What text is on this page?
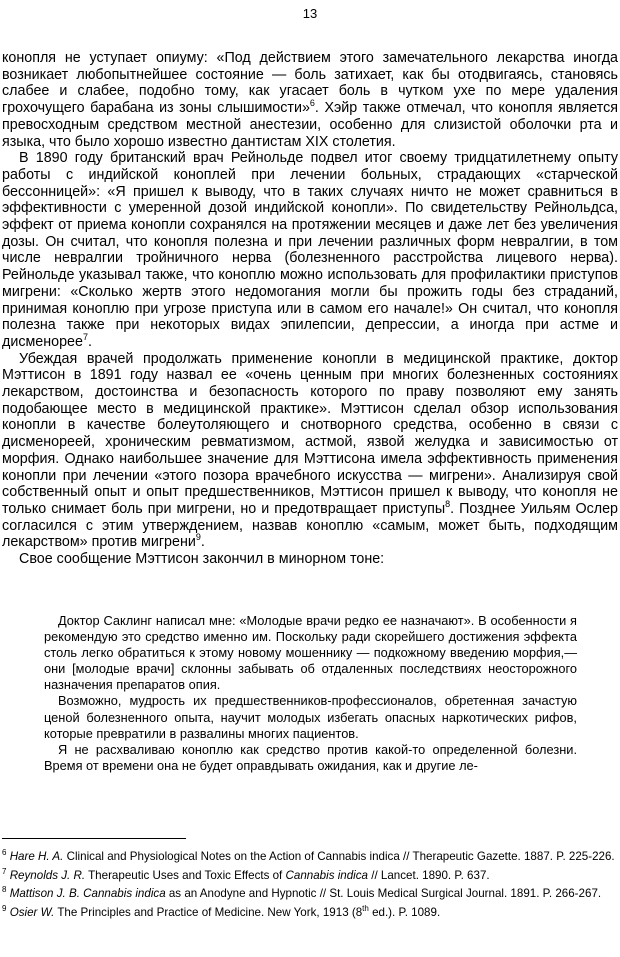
13

конопля не уступает опиуму: «Под действием этого замечательного лекарства иногда возникает любопытнейшее состояние — боль затихает, как бы отодвигаясь, становясь слабее и слабее, подобно тому, как угасает боль в чутком ухе по мере удаления грохочущего барабана из зоны слышимости»$^6$. Хэйр также отмечал, что конопля является превосходным средством местной анестезии, особенно для слизистой оболочки рта и языка, что было хорошо известно дантистам XIX столетия.

В 1890 году британский врач Рейнольде подвел итог своему тридцатилетнему опыту работы с индийской коноплей при лечении больных, страдающих «старческой бессонницей»: «Я пришел к выводу, что в таких случаях ничто не может сравниться в эффективности с умеренной дозой индийской конопли». По свидетельству Рейнольдса, эффект от приема конопли сохранялся на протяжении месяцев и даже лет без увеличения дозы. Он считал, что конопля полезна и при лечении различных форм невралгии, в том числе невралгии тройничного нерва (болезненного расстройства лицевого нерва). Рейнольде указывал также, что коноплю можно использовать для профилактики приступов мигрени: «Сколько жертв этого недомогания могли бы прожить годы без страданий, принимая коноплю при угрозе приступа или в самом его начале!» Он считал, что конопля полезна также при некоторых видах эпилепсии, депрессии, а иногда при астме и дисменорее$^7$.

Убеждая врачей продолжать применение конопли в медицинской практике, доктор Мэттисон в 1891 году назвал ее «очень ценным при многих болезненных состояниях лекарством, достоинства и безопасность которого по праву позволяют ему занять подобающее место в медицинской практике». Мэттисон сделал обзор использования конопли в качестве болеутоляющего и снотворного средства, особенно в связи с дисменореей, хроническим ревматизмом, астмой, язвой желудка и зависимостью от морфия. Однако наибольшее значение для Мэттисона имела эффективность применения конопли при лечении «этого позора врачебного искусства — мигрени». Анализируя свой собственный опыт и опыт предшественников, Мэттисон пришел к выводу, что конопля не только снимает боль при мигрени, но и предотвращает приступы$^8$. Позднее Уильям Ослер согласился с этим утверждением, назвав коноплю «самым, может быть, подходящим лекарством» против мигрени$^9$.

Свое сообщение Мэттисон закончил в минорном тоне:

Доктор Саклинг написал мне: «Молодые врачи редко ее назначают». В особенности я рекомендую это средство именно им. Поскольку ради скорейшего достижения эффекта столь легко обратиться к этому новому мошеннику — подкожному введению морфия,— они [молодые врачи] склонны забывать об отдаленных последствиях неосторожного назначения препаратов опия.

Возможно, мудрость их предшественников-профессионалов, обретенная зачастую ценой болезненного опыта, научит молодых избегать опасных наркотических рифов, которые превратили в развалины многих пациентов.

Я не расхваливаю коноплю как средство против какой-то определенной болезни. Время от времени она не будет оправдывать ожидания, как и другие ле-

$^6$ Hare H. A. Clinical and Physiological Notes on the Action of Cannabis indica // Therapeutic Gazette. 1887. P. 225-226.

$^7$ Reynolds J. R. Therapeutic Uses and Toxic Effects of Cannabis indica // Lancet. 1890. P. 637.

$^8$ Mattison J. B. Cannabis indica as an Anodyne and Hypnotic // St. Louis Medical Surgical Journal. 1891. P. 266-267.

$^9$ Osier W. The Principles and Practice of Medicine. New York, 1913 (8th ed.). P. 1089.
